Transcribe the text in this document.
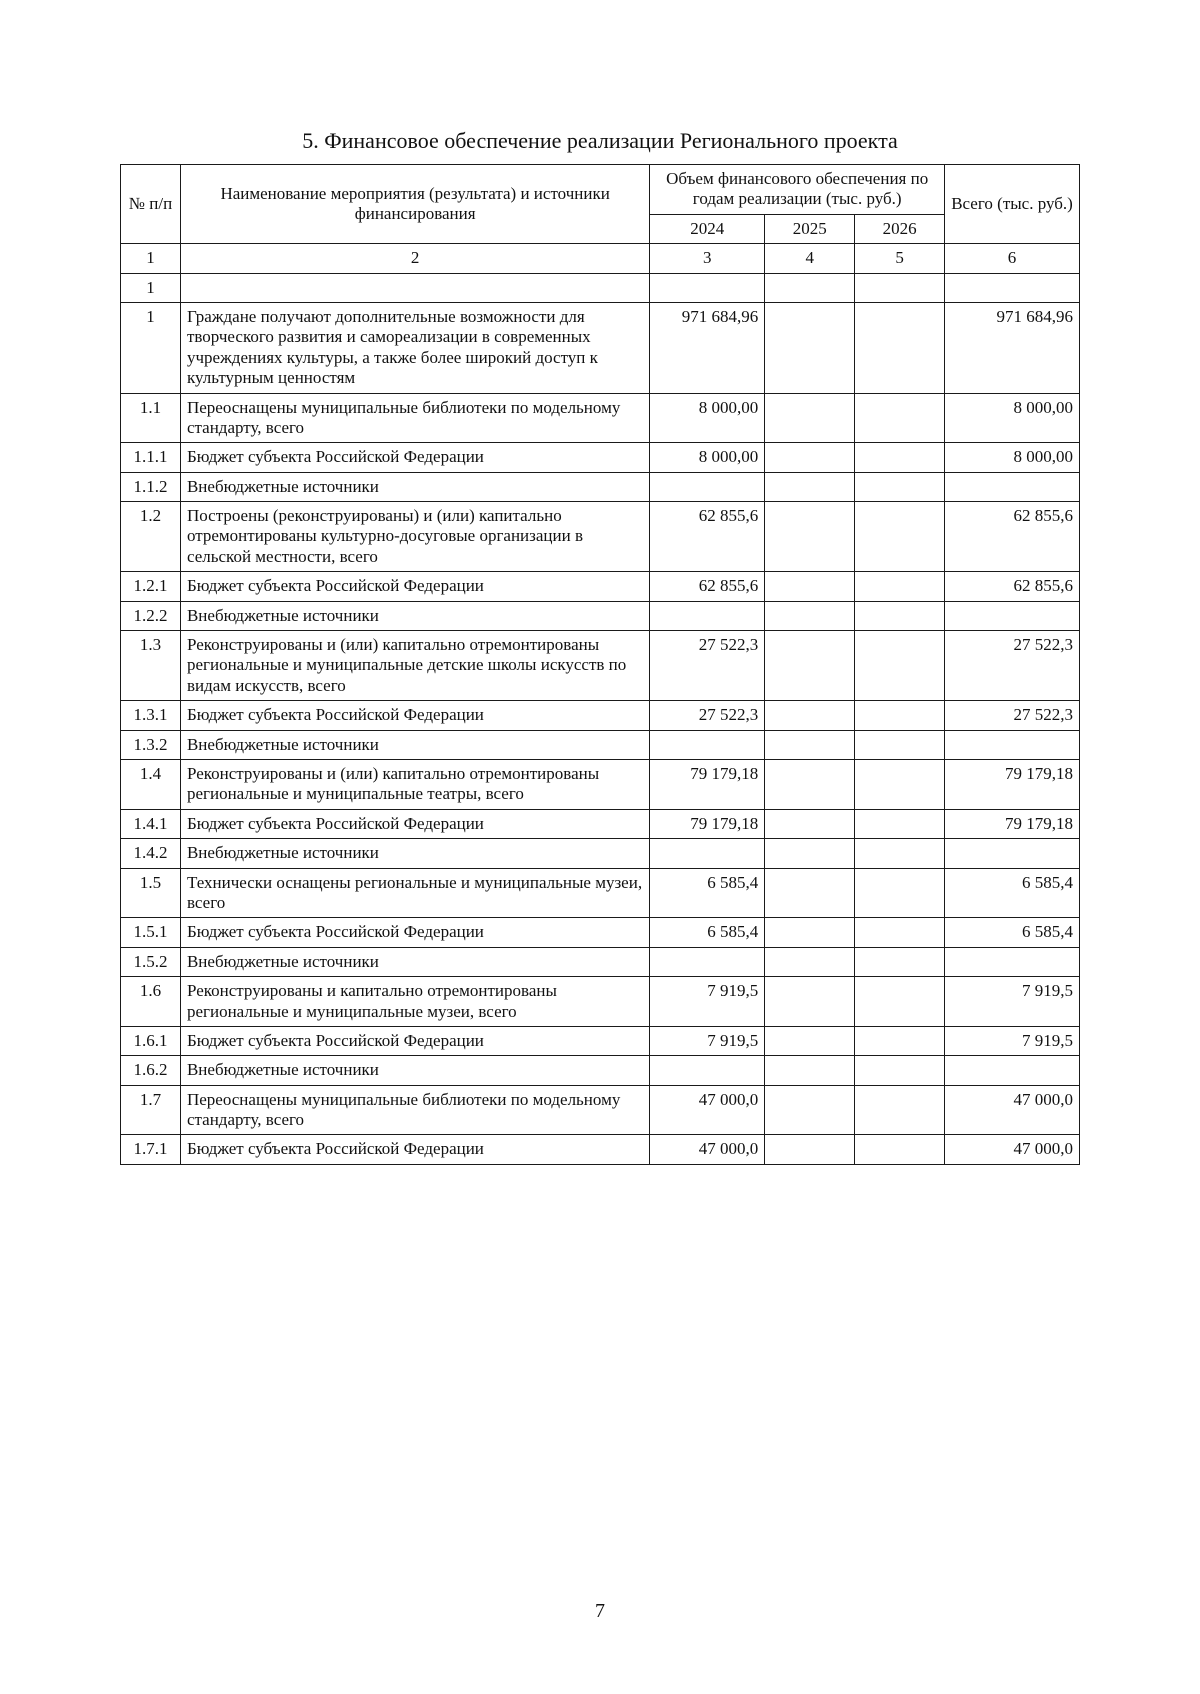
5. Финансовое обеспечение реализации Регионального проекта
№ п/п	Наименование мероприятия (результата) и источники финансирования	Объем финансового обеспечения по годам реализации (тыс. руб.)			Всего (тыс. руб.)
		2024	2025	2026	
1	2	3	4	5	6
1					
1	Граждане получают дополнительные возможности для творческого развития и самореализации в современных учреждениях культуры, а также более широкий доступ к культурным ценностям	971 684,96			971 684,96
1.1	Переоснащены муниципальные библиотеки по модельному стандарту, всего	8 000,00			8 000,00
1.1.1	Бюджет субъекта Российской Федерации	8 000,00			8 000,00
1.1.2	Внебюджетные источники				
1.2	Построены (реконструированы) и (или) капитально отремонтированы культурно-досуговые организации в сельской местности, всего	62 855,6			62 855,6
1.2.1	Бюджет субъекта Российской Федерации	62 855,6			62 855,6
1.2.2	Внебюджетные источники				
1.3	Реконструированы и (или) капитально отремонтированы региональные и муниципальные детские школы искусств по видам искусств, всего	27 522,3			27 522,3
1.3.1	Бюджет субъекта Российской Федерации	27 522,3			27 522,3
1.3.2	Внебюджетные источники				
1.4	Реконструированы и (или) капитально отремонтированы региональные и муниципальные театры, всего	79 179,18			79 179,18
1.4.1	Бюджет субъекта Российской Федерации	79 179,18			79 179,18
1.4.2	Внебюджетные источники				
1.5	Технически оснащены региональные и муниципальные музеи, всего	6 585,4			6 585,4
1.5.1	Бюджет субъекта Российской Федерации	6 585,4			6 585,4
1.5.2	Внебюджетные источники				
1.6	Реконструированы и капитально отремонтированы региональные и муниципальные музеи, всего	7 919,5			7 919,5
1.6.1	Бюджет субъекта Российской Федерации	7 919,5			7 919,5
1.6.2	Внебюджетные источники				
1.7	Переоснащены муниципальные библиотеки по модельному стандарту, всего	47 000,0			47 000,0
1.7.1	Бюджет субъекта Российской Федерации	47 000,0			47 000,0
7
